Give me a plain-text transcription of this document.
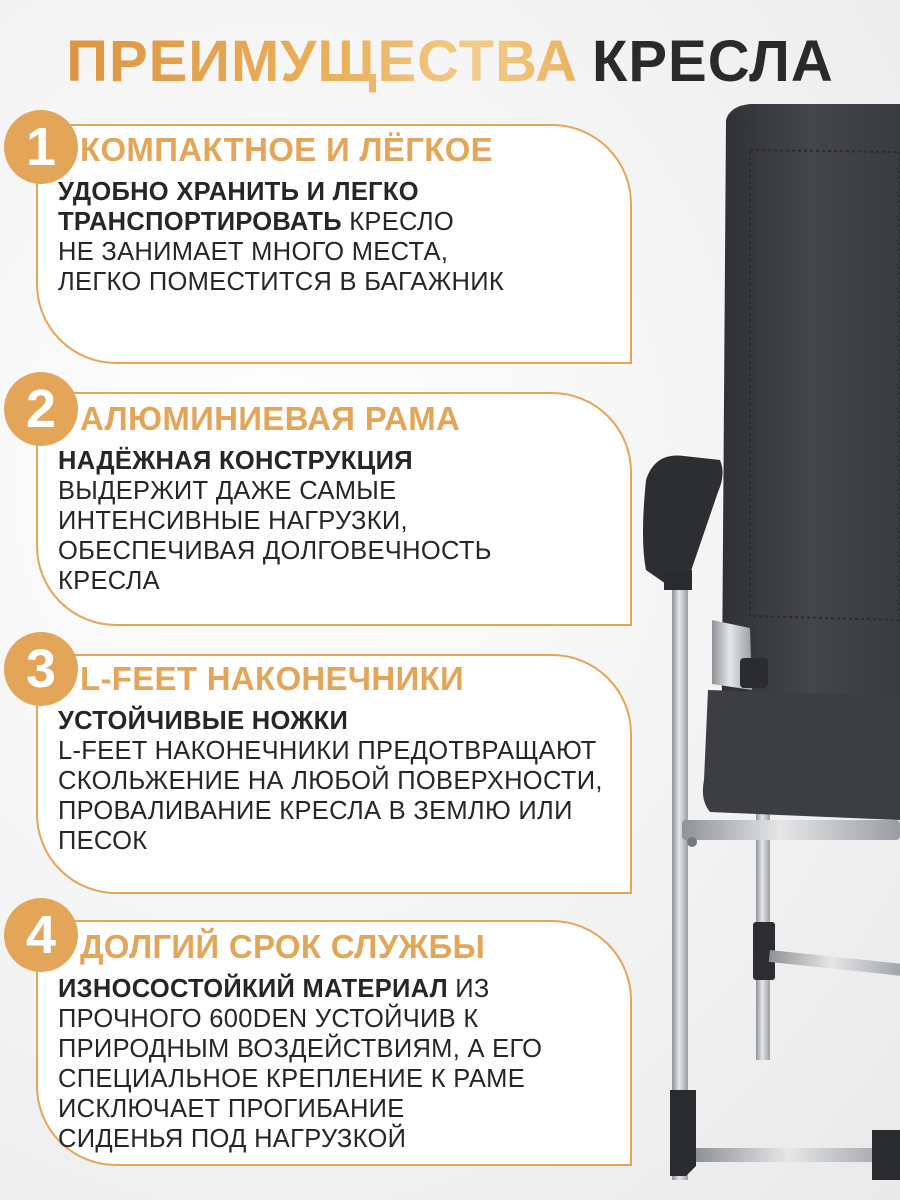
ПРЕИМУЩЕСТВА КРЕСЛА
1 КОМПАКТНОЕ И ЛЁГКОЕ
УДОБНО ХРАНИТЬ И ЛЕГКО
ТРАНСПОРТИРОВАТЬ КРЕСЛО
НЕ ЗАНИМАЕТ МНОГО МЕСТА,
ЛЕГКО ПОМЕСТИТСЯ В БАГАЖНИК
2 АЛЮМИНИЕВАЯ РАМА
НАДЁЖНАЯ КОНСТРУКЦИЯ
ВЫДЕРЖИТ ДАЖЕ САМЫЕ
ИНТЕНСИВНЫЕ НАГРУЗКИ,
ОБЕСПЕЧИВАЯ ДОЛГОВЕЧНОСТЬ
КРЕСЛА
3 L-FEET НАКОНЕЧНИКИ
УСТОЙЧИВЫЕ НОЖКИ
L-FEET НАКОНЕЧНИКИ ПРЕДОТВРАЩАЮТ
СКОЛЬЖЕНИЕ НА ЛЮБОЙ ПОВЕРХНОСТИ,
ПРОВАЛИВАНИЕ КРЕСЛА В ЗЕМЛЮ ИЛИ
ПЕСОК
4 ДОЛГИЙ СРОК СЛУЖБЫ
ИЗНОСОСТОЙКИЙ МАТЕРИАЛ ИЗ
ПРОЧНОГО 600DEN УСТОЙЧИВ К
ПРИРОДНЫМ ВОЗДЕЙСТВИЯМ, А ЕГО
СПЕЦИАЛЬНОЕ КРЕПЛЕНИЕ К РАМЕ
ИСКЛЮЧАЕТ ПРОГИБАНИЕ
СИДЕНЬЯ ПОД НАГРУЗКОЙ
